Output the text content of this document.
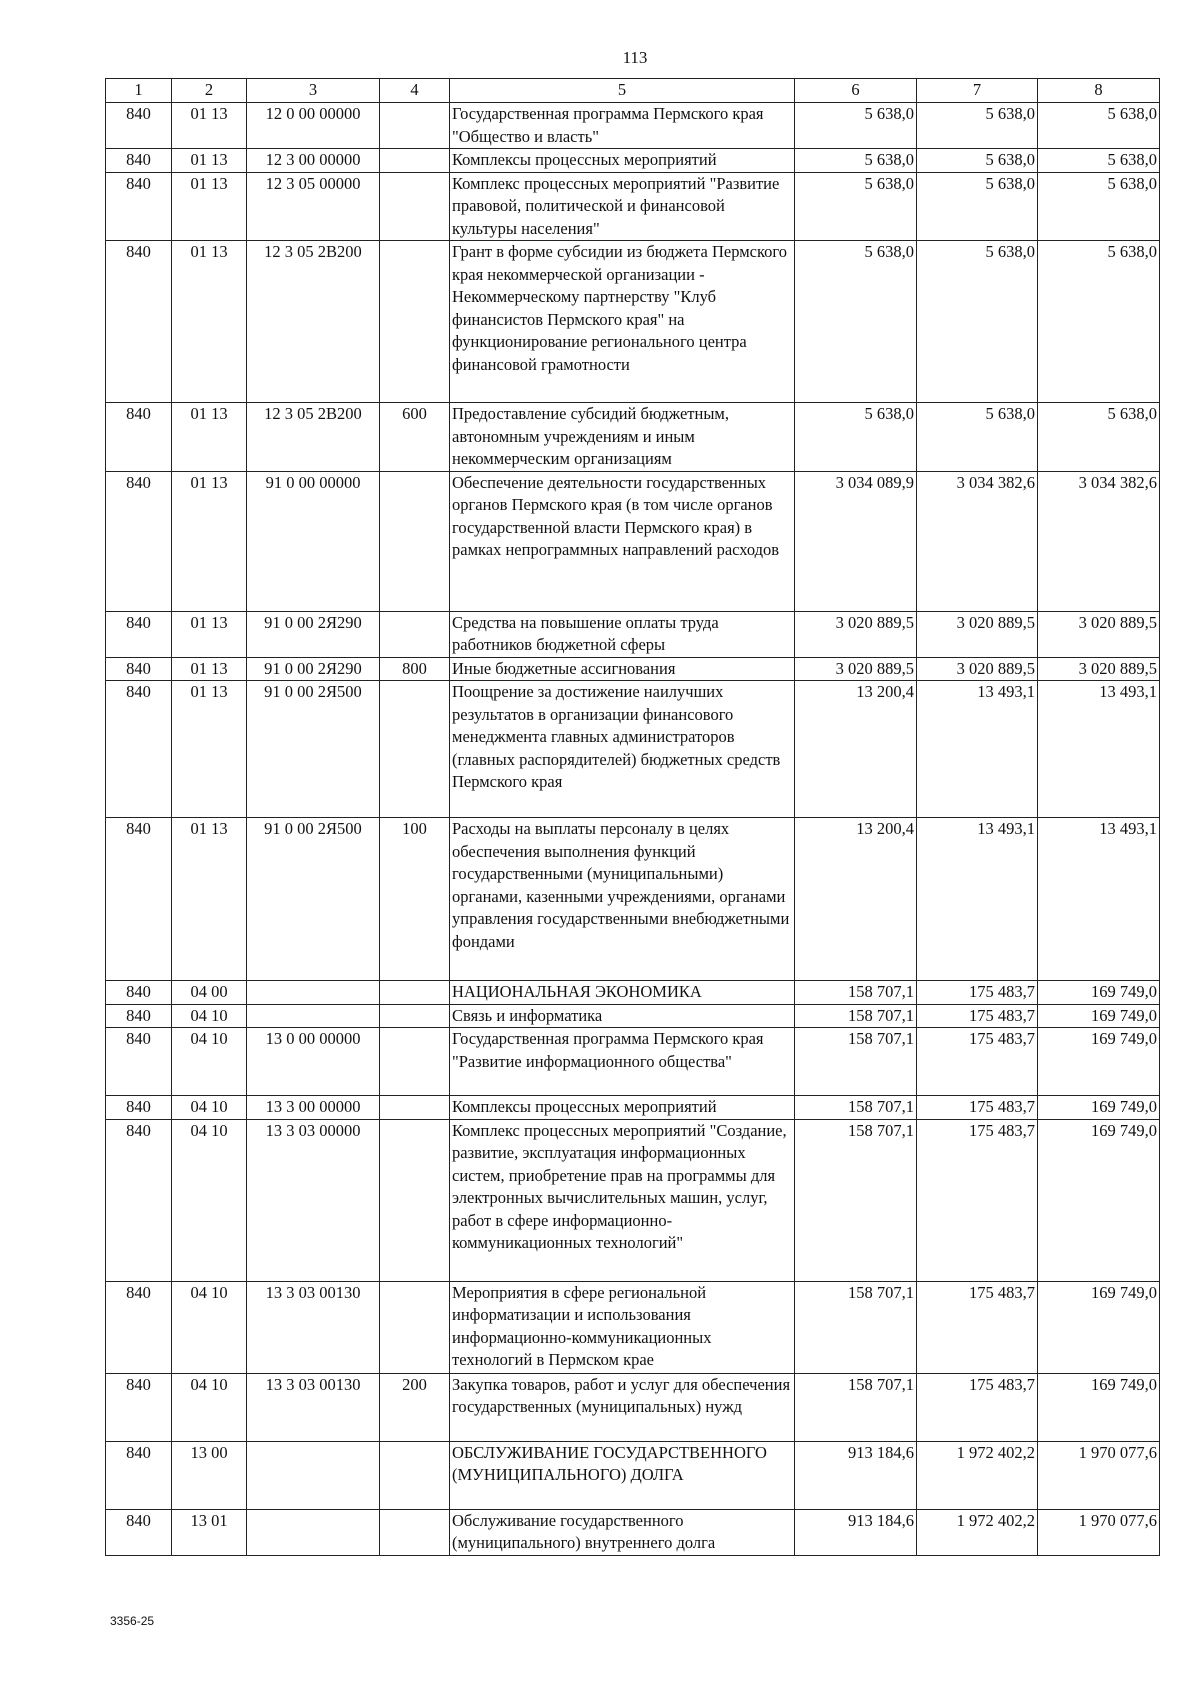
113
1	2	3	4	5	6	7	8
840	01 13	12 0 00 00000		Государственная программа Пермского края "Общество и власть"	5 638,0	5 638,0	5 638,0
840	01 13	12 3 00 00000		Комплексы процессных мероприятий	5 638,0	5 638,0	5 638,0
840	01 13	12 3 05 00000		Комплекс процессных мероприятий "Развитие правовой, политической и финансовой культуры населения"	5 638,0	5 638,0	5 638,0
840	01 13	12 3 05 2В200		Грант в форме субсидии из бюджета Пермского края некоммерческой организации - Некоммерческому партнерству "Клуб финансистов Пермского края" на функционирование регионального центра финансовой грамотности	5 638,0	5 638,0	5 638,0
840	01 13	12 3 05 2В200	600	Предоставление субсидий бюджетным, автономным учреждениям и иным некоммерческим организациям	5 638,0	5 638,0	5 638,0
840	01 13	91 0 00 00000		Обеспечение деятельности государственных органов Пермского края (в том числе органов государственной власти Пермского края) в рамках непрограммных направлений расходов	3 034 089,9	3 034 382,6	3 034 382,6
840	01 13	91 0 00 2Я290		Средства на повышение оплаты труда работников бюджетной сферы	3 020 889,5	3 020 889,5	3 020 889,5
840	01 13	91 0 00 2Я290	800	Иные бюджетные ассигнования	3 020 889,5	3 020 889,5	3 020 889,5
840	01 13	91 0 00 2Я500		Поощрение за достижение наилучших результатов в организации финансового менеджмента главных администраторов (главных распорядителей) бюджетных средств Пермского края	13 200,4	13 493,1	13 493,1
840	01 13	91 0 00 2Я500	100	Расходы на выплаты персоналу в целях обеспечения выполнения функций государственными (муниципальными) органами, казенными учреждениями, органами управления государственными внебюджетными фондами	13 200,4	13 493,1	13 493,1
840	04 00			НАЦИОНАЛЬНАЯ ЭКОНОМИКА	158 707,1	175 483,7	169 749,0
840	04 10			Связь и информатика	158 707,1	175 483,7	169 749,0
840	04 10	13 0 00 00000		Государственная программа Пермского края "Развитие информационного общества"	158 707,1	175 483,7	169 749,0
840	04 10	13 3 00 00000		Комплексы процессных мероприятий	158 707,1	175 483,7	169 749,0
840	04 10	13 3 03 00000		Комплекс процессных мероприятий "Создание, развитие, эксплуатация информационных систем, приобретение прав на программы для электронных вычислительных машин, услуг, работ в сфере информационно-коммуникационных технологий"	158 707,1	175 483,7	169 749,0
840	04 10	13 3 03 00130		Мероприятия в сфере региональной информатизации и использования информационно-коммуникационных технологий в Пермском крае	158 707,1	175 483,7	169 749,0
840	04 10	13 3 03 00130	200	Закупка товаров, работ и услуг для обеспечения государственных (муниципальных) нужд	158 707,1	175 483,7	169 749,0
840	13 00			ОБСЛУЖИВАНИЕ ГОСУДАРСТВЕННОГО (МУНИЦИПАЛЬНОГО) ДОЛГА	913 184,6	1 972 402,2	1 970 077,6
840	13 01			Обслуживание государственного (муниципального) внутреннего долга	913 184,6	1 972 402,2	1 970 077,6
3356-25
